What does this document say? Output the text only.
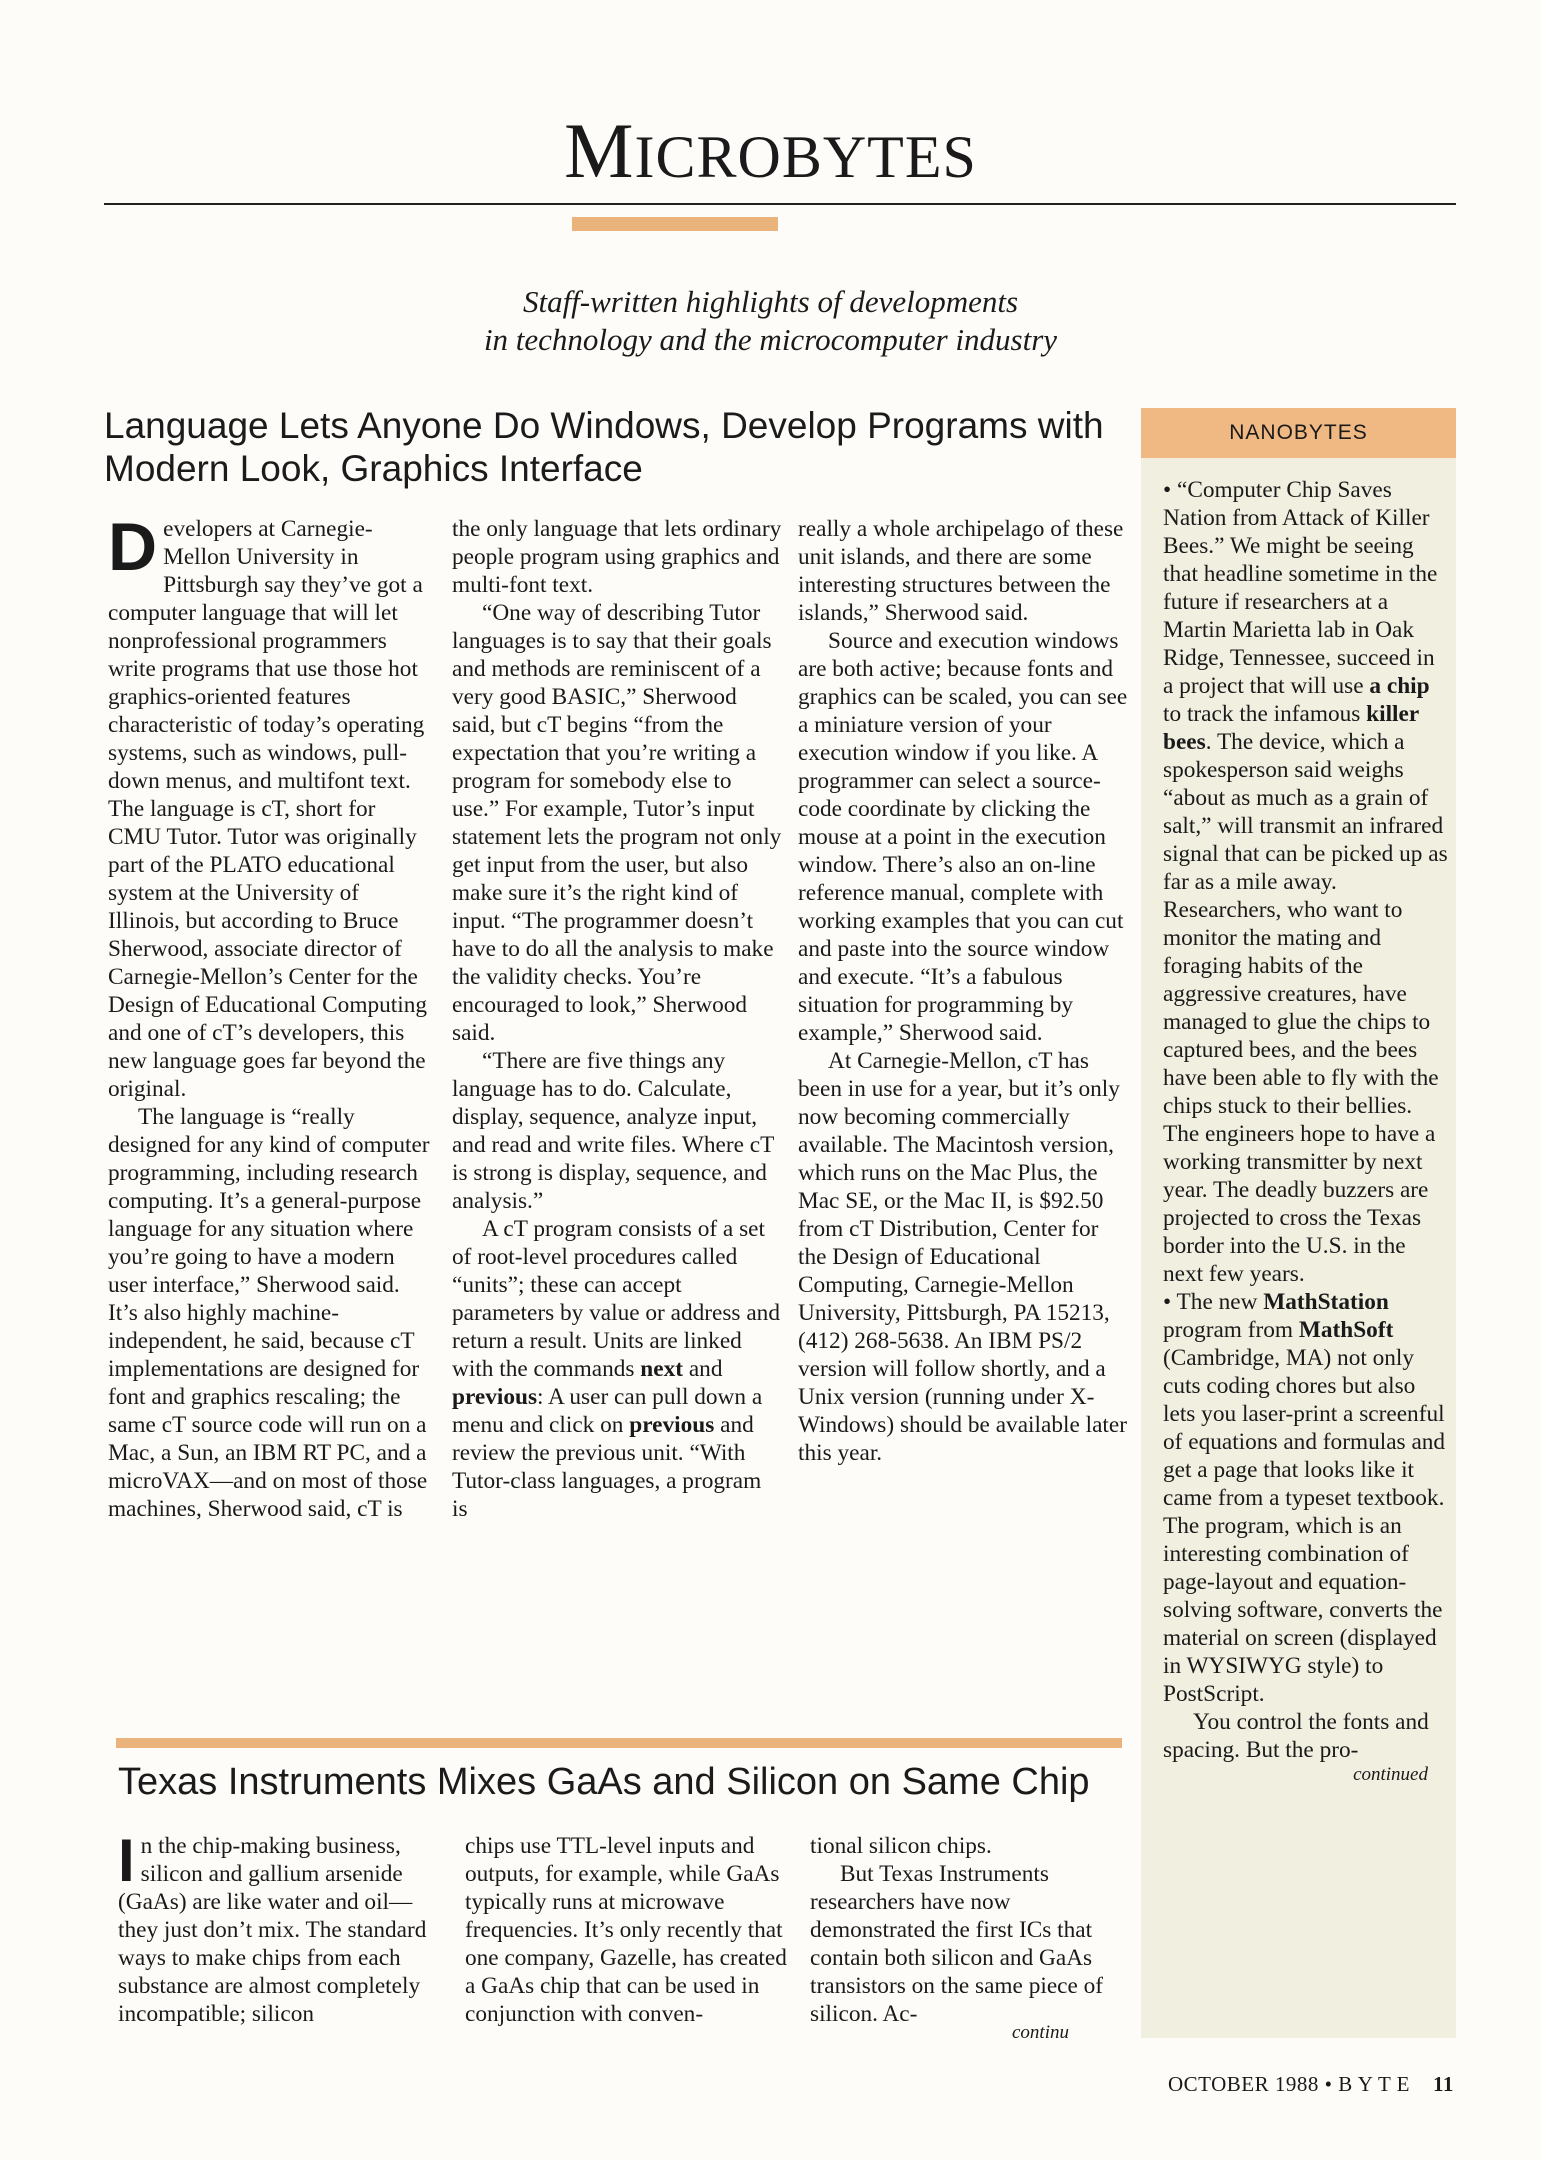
MICROBYTES
Staff-written highlights of developments
in technology and the microcomputer industry
Language Lets Anyone Do Windows, Develop Programs with Modern Look, Graphics Interface

Developers at Carnegie-Mellon University in Pittsburgh say they’ve got a computer language that will let nonprofessional programmers write programs that use those hot graphics-oriented features characteristic of today’s operating systems, such as windows, pull-down menus, and multifont text. The language is cT, short for CMU Tutor. Tutor was originally part of the PLATO educational system at the University of Illinois, but according to Bruce Sherwood, associate director of Carnegie-Mellon’s Center for the Design of Educational Computing and one of cT’s developers, this new language goes far beyond the original.

The language is “really designed for any kind of computer programming, including research computing. It’s a general-purpose language for any situation where you’re going to have a modern user interface,” Sherwood said. It’s also highly machine-independent, he said, because cT implementations are designed for font and graphics rescaling; the same cT source code will run on a Mac, a Sun, an IBM RT PC, and a microVAX—and on most of those machines, Sherwood said, cT is

the only language that lets ordinary people program using graphics and multi-font text.

“One way of describing Tutor languages is to say that their goals and methods are reminiscent of a very good BASIC,” Sherwood said, but cT begins “from the expectation that you’re writing a program for somebody else to use.” For example, Tutor’s input statement lets the program not only get input from the user, but also make sure it’s the right kind of input. “The programmer doesn’t have to do all the analysis to make the validity checks. You’re encouraged to look,” Sherwood said.

“There are five things any language has to do. Calculate, display, sequence, analyze input, and read and write files. Where cT is strong is display, sequence, and analysis.”

A cT program consists of a set of root-level procedures called “units”; these can accept parameters by value or address and return a result. Units are linked with the commands next and previous: A user can pull down a menu and click on previous and review the previous unit. “With Tutor-class languages, a program is

really a whole archipelago of these unit islands, and there are some interesting structures between the islands,” Sherwood said.

Source and execution windows are both active; because fonts and graphics can be scaled, you can see a miniature version of your execution window if you like. A programmer can select a source-code coordinate by clicking the mouse at a point in the execution window. There’s also an on-line reference manual, complete with working examples that you can cut and paste into the source window and execute. “It’s a fabulous situation for programming by example,” Sherwood said.

At Carnegie-Mellon, cT has been in use for a year, but it’s only now becoming commercially available. The Macintosh version, which runs on the Mac Plus, the Mac SE, or the Mac II, is $92.50 from cT Distribution, Center for the Design of Educational Computing, Carnegie-Mellon University, Pittsburgh, PA 15213, (412) 268-5638. An IBM PS/2 version will follow shortly, and a Unix version (running under X-Windows) should be available later this year.

Texas Instruments Mixes GaAs and Silicon on Same Chip

In the chip-making business, silicon and gallium arsenide (GaAs) are like water and oil—they just don’t mix. The standard ways to make chips from each substance are almost completely incompatible; silicon

chips use TTL-level inputs and outputs, for example, while GaAs typically runs at microwave frequencies. It’s only recently that one company, Gazelle, has created a GaAs chip that can be used in conjunction with conven-

tional silicon chips.

But Texas Instruments researchers have now demonstrated the first ICs that contain both silicon and GaAs transistors on the same piece of silicon. Ac-

continu
NANOBYTES

• “Computer Chip Saves Nation from Attack of Killer Bees.” We might be seeing that headline sometime in the future if researchers at a Martin Marietta lab in Oak Ridge, Tennessee, succeed in a project that will use a chip to track the infamous killer bees. The device, which a spokesperson said weighs “about as much as a grain of salt,” will transmit an infrared signal that can be picked up as far as a mile away. Researchers, who want to monitor the mating and foraging habits of the aggressive creatures, have managed to glue the chips to captured bees, and the bees have been able to fly with the chips stuck to their bellies. The engineers hope to have a working transmitter by next year. The deadly buzzers are projected to cross the Texas border into the U.S. in the next few years.

• The new MathStation program from MathSoft (Cambridge, MA) not only cuts coding chores but also lets you laser-print a screenful of equations and formulas and get a page that looks like it came from a typeset textbook. The program, which is an interesting combination of page-layout and equation-solving software, converts the material on screen (displayed in WYSIWYG style) to PostScript.

You control the fonts and spacing. But the pro-

continued
OCTOBER 1988 • B Y T E 11
